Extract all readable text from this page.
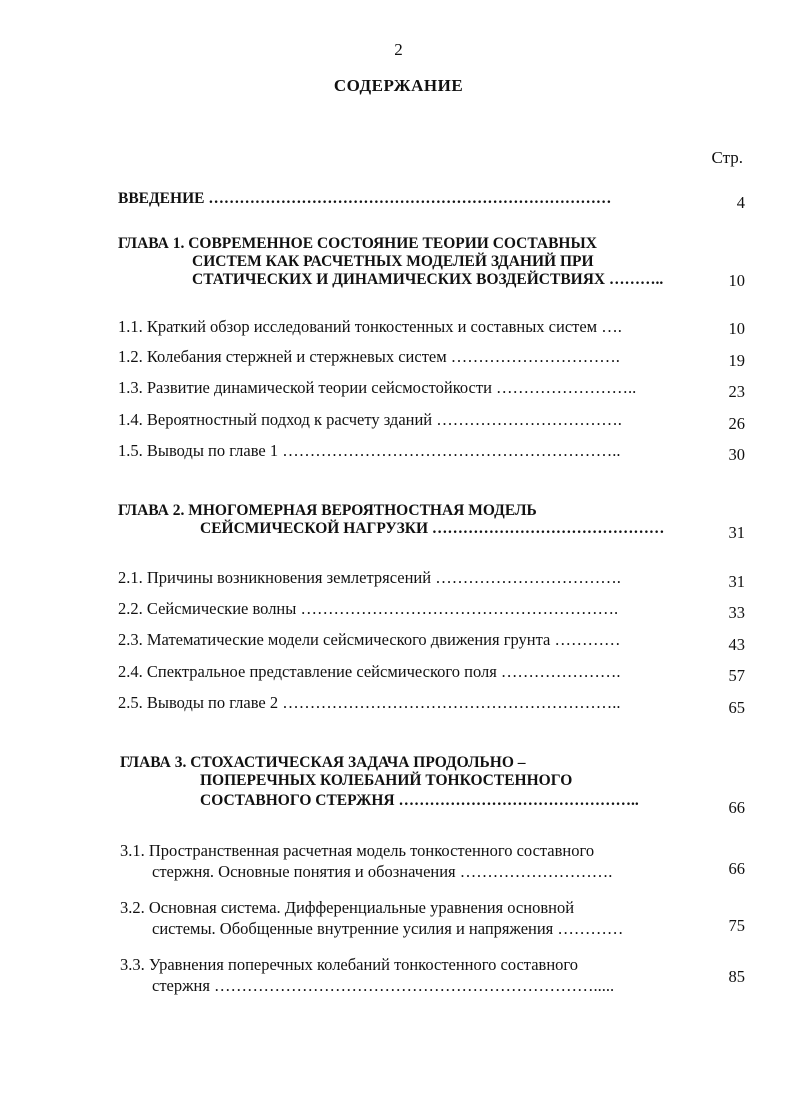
2
СОДЕРЖАНИЕ
Стр.
ВВЕДЕНИЕ ……………………………………………………………………	4
ГЛАВА 1. СОВРЕМЕННОЕ СОСТОЯНИЕ ТЕОРИИ СОСТАВНЫХ
СИСТЕМ КАК РАСЧЕТНЫХ МОДЕЛЕЙ ЗДАНИЙ ПРИ
СТАТИЧЕСКИХ И ДИНАМИЧЕСКИХ ВОЗДЕЙСТВИЯХ ………..	10
1.1. Краткий обзор исследований тонкостенных и составных систем ….	10
1.2. Колебания стержней и стержневых систем ………………………….	19
1.3. Развитие динамической теории сейсмостойкости ……………………..	23
1.4. Вероятностный подход к расчету зданий …………………………….	26
1.5. Выводы по главе 1 ……………………………………………………..	30
ГЛАВА 2. МНОГОМЕРНАЯ ВЕРОЯТНОСТНАЯ МОДЕЛЬ
СЕЙСМИЧЕСКОЙ НАГРУЗКИ ………………………………………	31
2.1. Причины возникновения землетрясений …………………………….	31
2.2. Сейсмические волны ………………………………………………….	33
2.3. Математические модели сейсмического движения грунта …………	43
2.4. Спектральное представление сейсмического поля ………………….	57
2.5. Выводы по главе 2 ……………………………………………………..	65
ГЛАВА 3. СТОХАСТИЧЕСКАЯ ЗАДАЧА ПРОДОЛЬНО –
ПОПЕРЕЧНЫХ КОЛЕБАНИЙ ТОНКОСТЕННОГО
СОСТАВНОГО СТЕРЖНЯ ………………………………………..	66
3.1. Пространственная расчетная модель тонкостенного составного
стержня. Основные понятия и обозначения ……………………….	66
3.2. Основная система. Дифференциальные уравнения основной
системы. Обобщенные внутренние усилия и напряжения …………	75
3.3. Уравнения поперечных колебаний тонкостенного составного
стержня …………………………………………………………….....	85
